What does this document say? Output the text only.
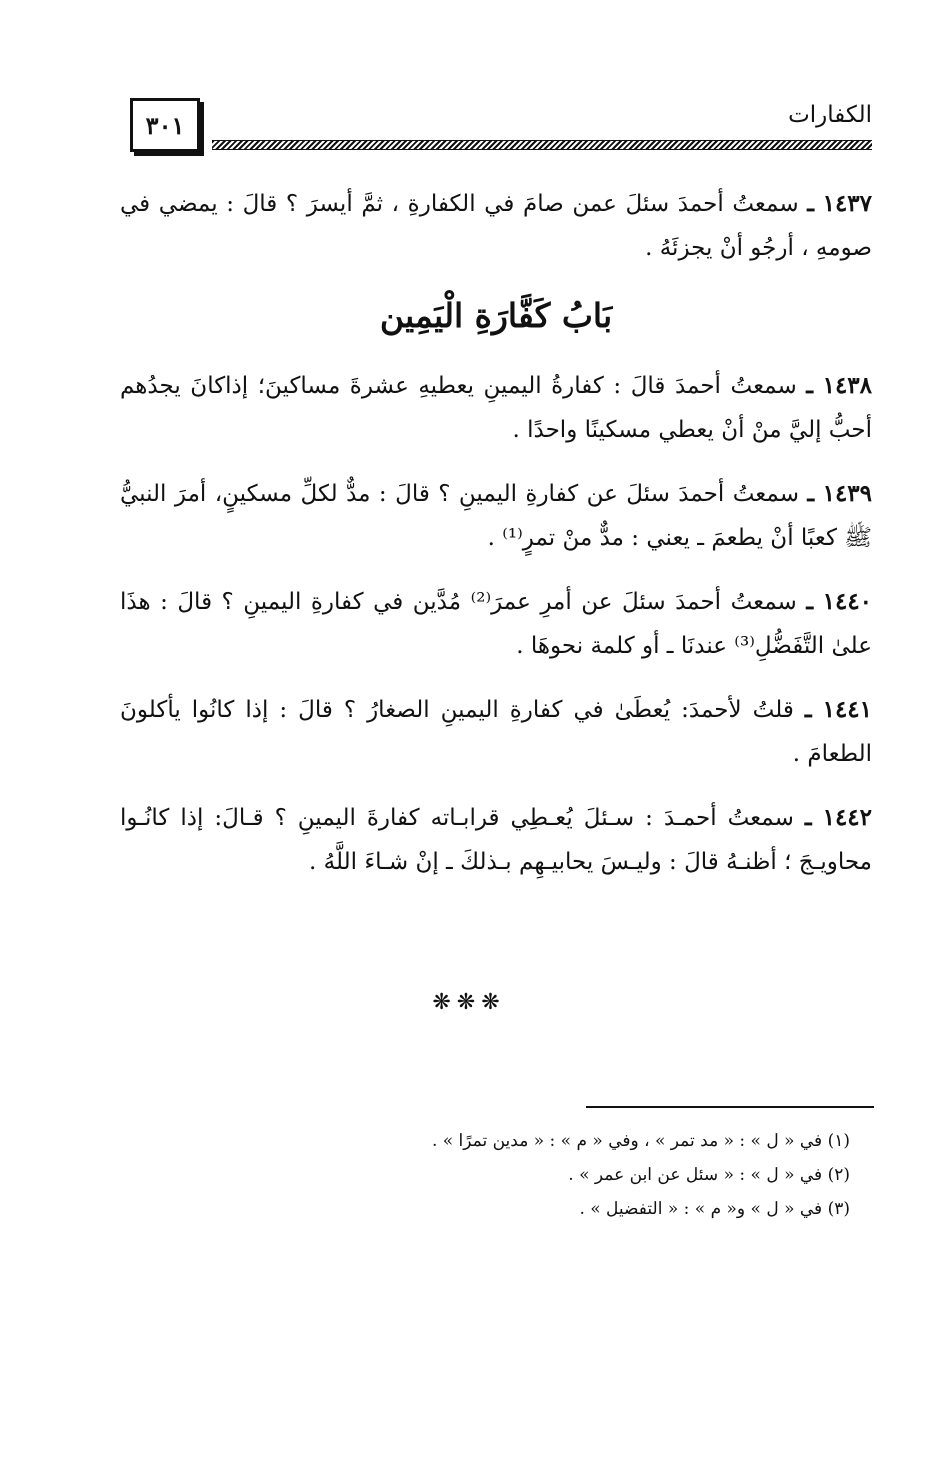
٣٠١	الكفارات

١٤٣٧ ـ سمعتُ أحمدَ سئلَ عمن صامَ في الكفارةِ ، ثمَّ أيسرَ ؟ قالَ : يمضي في صومهِ ، أرجُو أنْ يجزئَهُ .

بَابُ كَفَّارَةِ الْيَمِين

١٤٣٨ ـ سمعتُ أحمدَ قالَ : كفارةُ اليمينِ يعطيهِ عشرةَ مساكينَ؛ إذاكانَ يجدُهم أحبُّ إليَّ منْ أنْ يعطي مسكينًا واحدًا .

١٤٣٩ ـ سمعتُ أحمدَ سئلَ عن كفارةِ اليمينِ ؟ قالَ : مدٌّ لكلِّ مسكينٍ، أمرَ النبيُّ ﷺ كعبًا أنْ يطعمَ ـ يعني : مدٌّ منْ تمرٍ⁽¹⁾ .

١٤٤٠ ـ سمعتُ أحمدَ سئلَ عن أمرِ عمرَ⁽²⁾ مُدَّين في كفارةِ اليمينِ ؟ قالَ : هذَا علىٰ التَّفَضُّلِ⁽³⁾ عندنَا ـ أو كلمة نحوهَا .

١٤٤١ ـ قلتُ لأحمدَ: يُعطَىٰ في كفارةِ اليمينِ الصغارُ ؟ قالَ : إذا كانُوا يأكلونَ الطعامَ .

١٤٤٢ ـ سمعتُ أحمـدَ : سـئلَ يُعـطِي قرابـاته كفارةَ اليمينِ ؟ قـالَ: إذا كانُـوا محاويـجَ ؛ أظنـهُ قالَ : وليـسَ يحابيـهِم بـذلكَ ـ إنْ شـاءَ اللَّهُ .

❋❋❋

(١) في « ل » : « مد تمر » ، وفي « م » : « مدين تمرًا » .

(٢) في « ل » : « سئل عن ابن عمر » .

(٣) في « ل » و« م » : « التفضيل » .
